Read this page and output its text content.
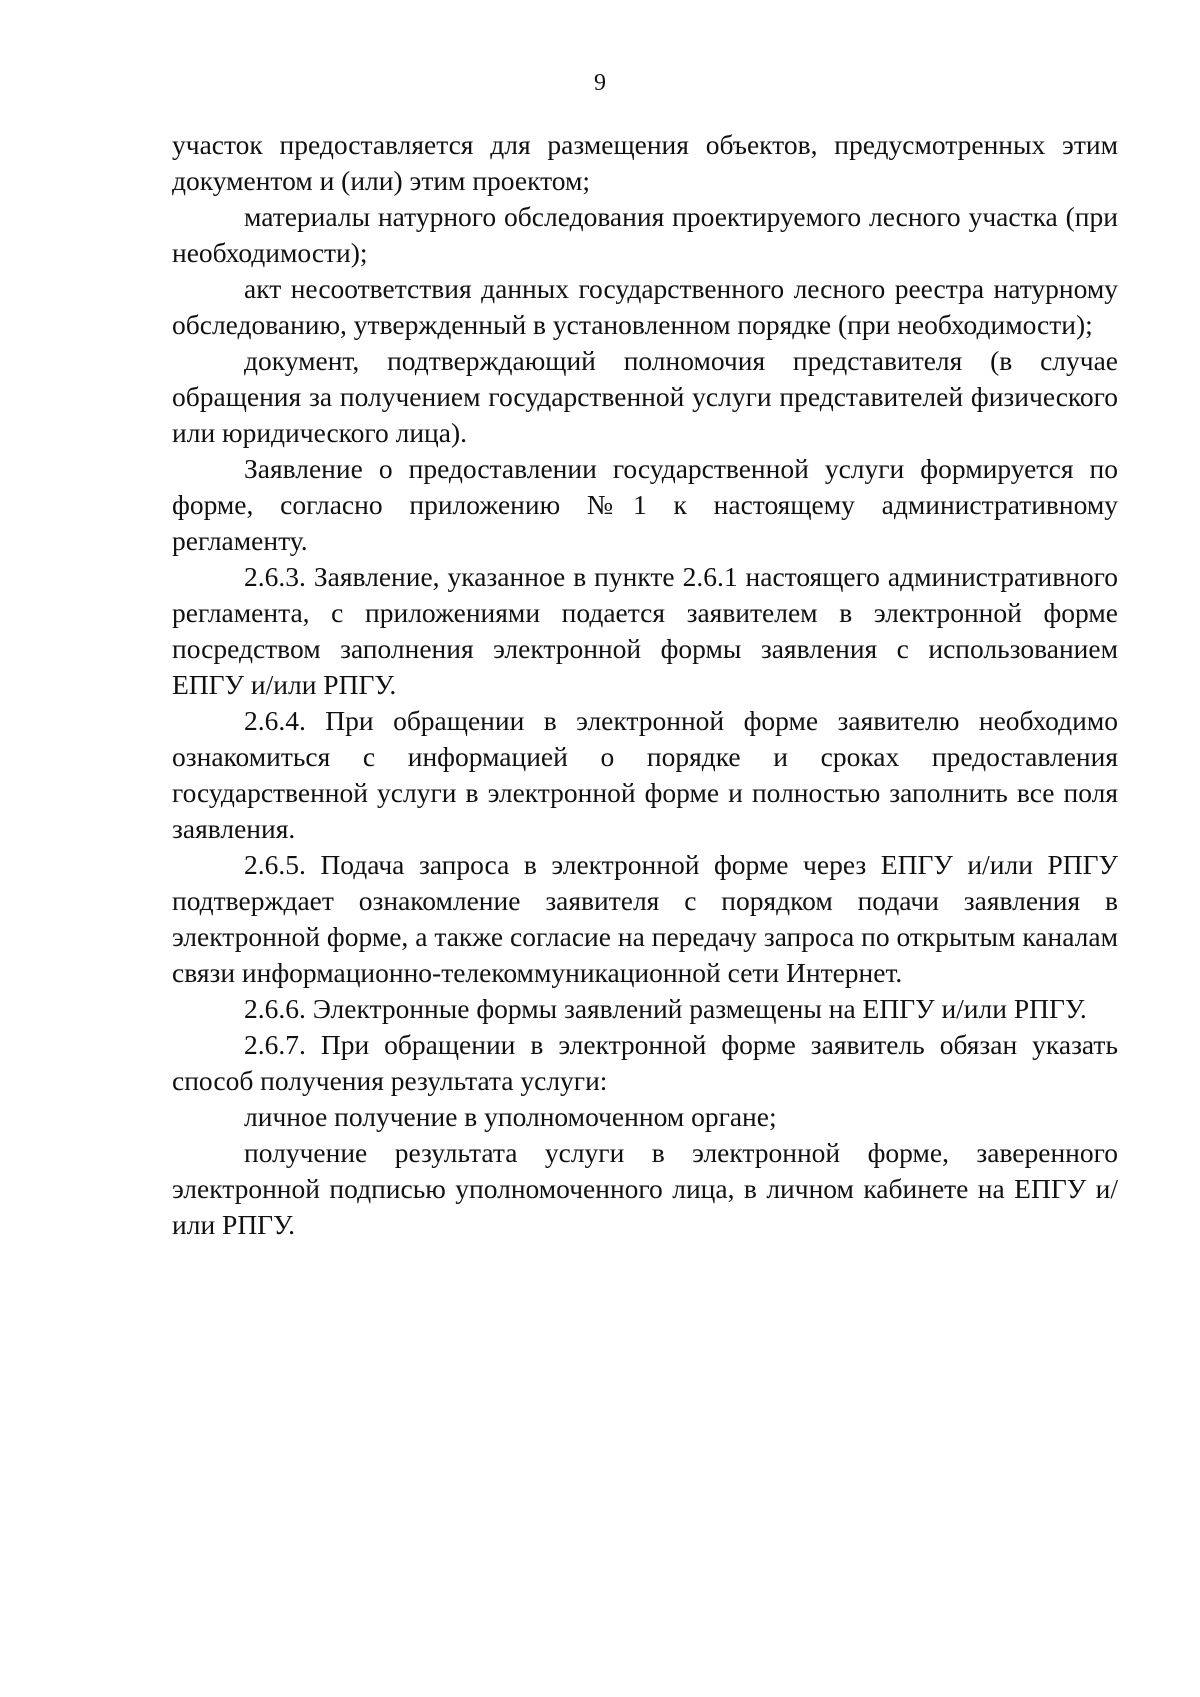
9

участок предоставляется для размещения объектов, предусмотренных этим документом и (или) этим проектом;

материалы натурного обследования проектируемого лесного участка (при необходимости);

акт несоответствия данных государственного лесного реестра натурному обследованию, утвержденный в установленном порядке (при необходимости);

документ, подтверждающий полномочия представителя (в случае обращения за получением государственной услуги представителей физического или юридического лица).

Заявление о предоставлении государственной услуги формируется по форме, согласно приложению №1 к настоящему административному регламенту.

2.6.3. Заявление, указанное в пункте 2.6.1 настоящего административного регламента, с приложениями подается заявителем в электронной форме посредством заполнения электронной формы заявления с использованием ЕПГУ и/или РПГУ.

2.6.4. При обращении в электронной форме заявителю необходимо ознакомиться с информацией о порядке и сроках предоставления государственной услуги в электронной форме и полностью заполнить все поля заявления.

2.6.5. Подача запроса в электронной форме через ЕПГУ и/или РПГУ подтверждает ознакомление заявителя с порядком подачи заявления в электронной форме, а также согласие на передачу запроса по открытым каналам связи информационно-телекоммуникационной сети Интернет.

2.6.6. Электронные формы заявлений размещены на ЕПГУ и/или РПГУ.

2.6.7. При обращении в электронной форме заявитель обязан указать способ получения результата услуги:

личное получение в уполномоченном органе;

получение результата услуги в электронной форме, заверенного электронной подписью уполномоченного лица, в личном кабинете на ЕПГУ и/или РПГУ.
